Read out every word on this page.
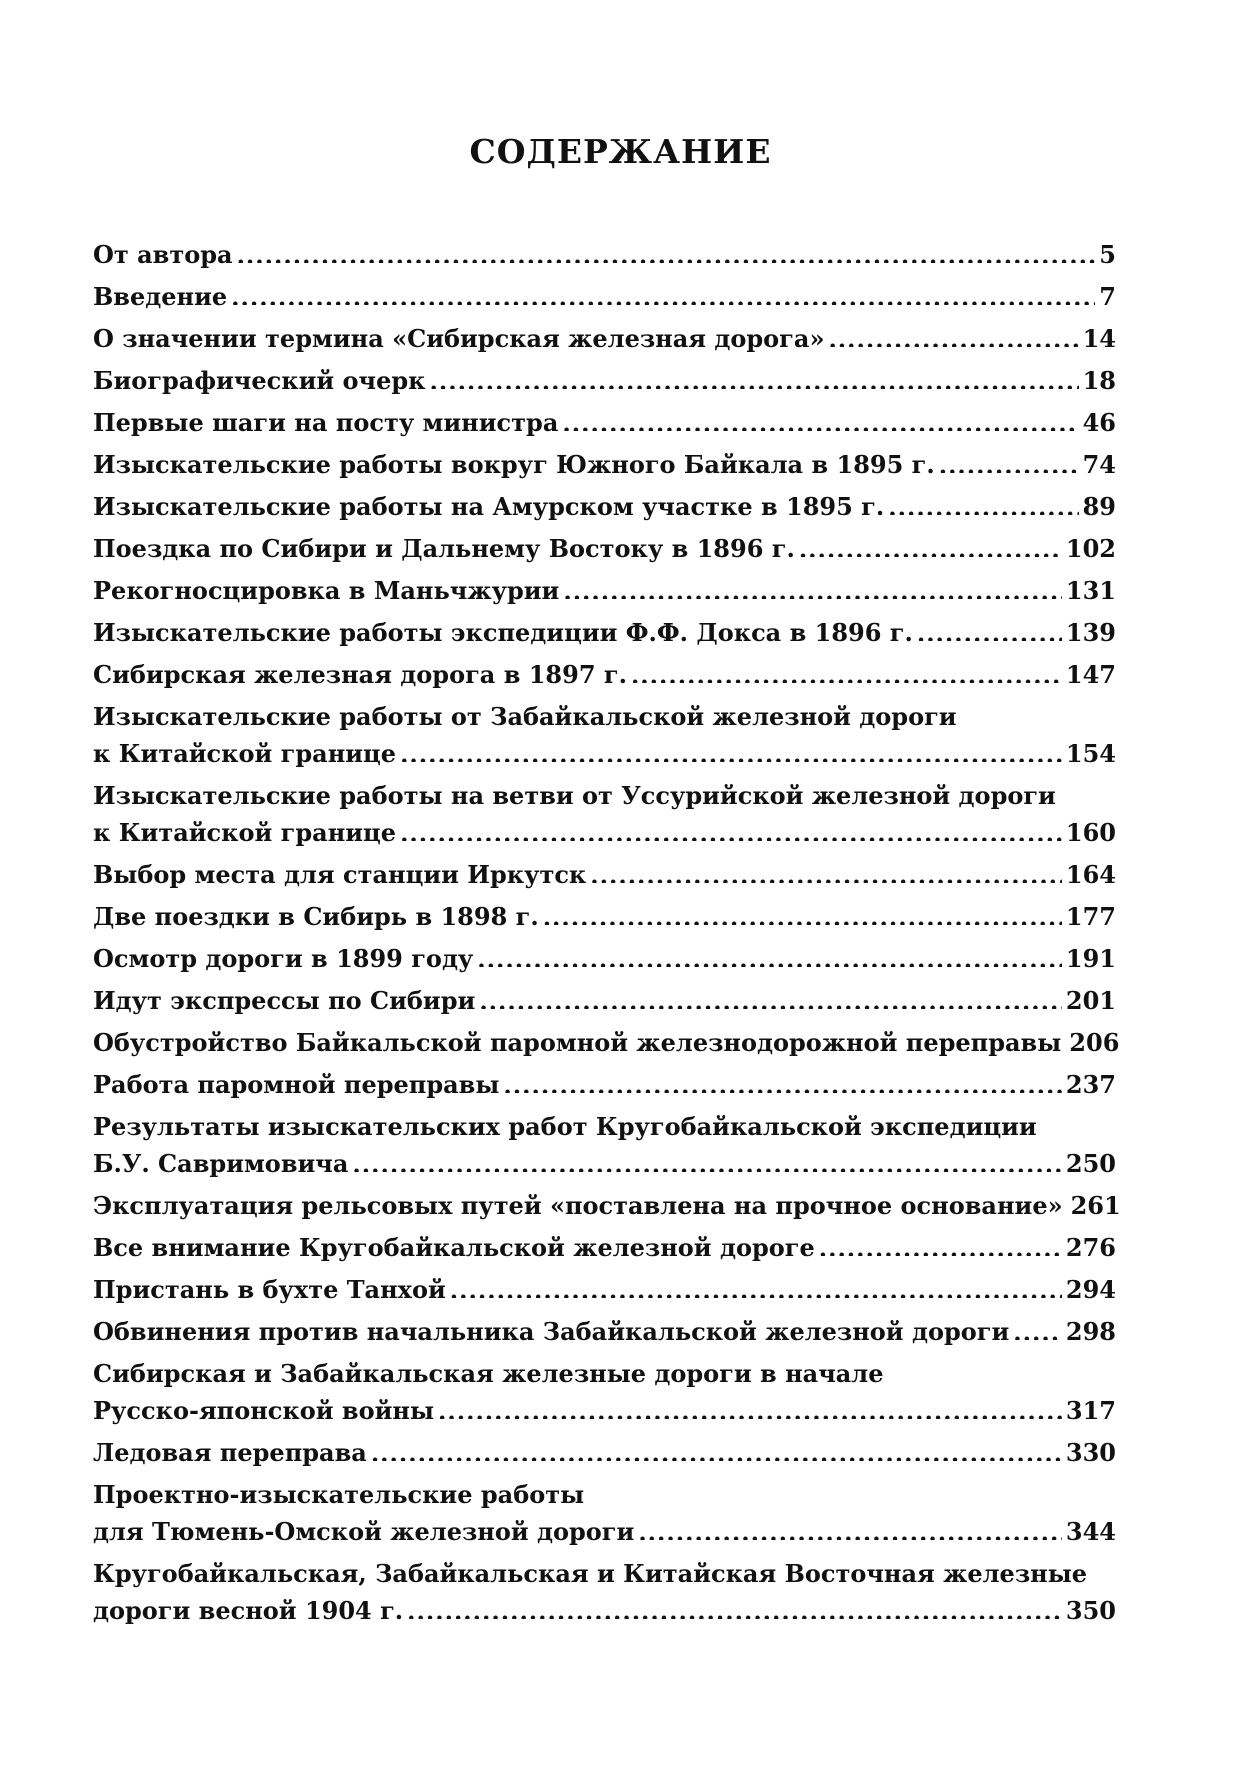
СОДЕРЖАНИЕ
От автора ·····	5
Введение ·····	7
О значении термина «Сибирская железная дорога» ·····	14
Биографический очерк ·····	18
Первые шаги на посту министра ·····	46
Изыскательские работы вокруг Южного Байкала в 1895 г. ·····	74
Изыскательские работы на Амурском участке в 1895 г. ·····	89
Поездка по Сибири и Дальнему Востоку в 1896 г. ·····	102
Рекогносцировка в Маньчжурии ·····	131
Изыскательские работы экспедиции Ф.Ф. Докса в 1896 г. ·····	139
Сибирская железная дорога в 1897 г. ·····	147
Изыскательские работы от Забайкальской железной дороги
к Китайской границе ·····	154
Изыскательские работы на ветви от Уссурийской железной дороги
к Китайской границе ·····	160
Выбор места для станции Иркутск ·····	164
Две поездки в Сибирь в 1898 г. ·····	177
Осмотр дороги в 1899 году ·····	191
Идут экспрессы по Сибири ·····	201
Обустройство Байкальской паромной железнодорожной переправы 206
Работа паромной переправы ·····	237
Результаты изыскательских работ Кругобайкальской экспедиции
Б.У. Савримовича ·····	250
Эксплуатация рельсовых путей «поставлена на прочное основание» 261
Все внимание Кругобайкальской железной дороге ·····	276
Пристань в бухте Танхой ·····	294
Обвинения против начальника Забайкальской железной дороги ····· 298
Сибирская и Забайкальская железные дороги в начале
Русско-японской войны ·····	317
Ледовая переправа ·····	330
Проектно-изыскательские работы
для Тюмень-Омской железной дороги ·····	344
Кругобайкальская, Забайкальская и Китайская Восточная железные
дороги весной 1904 г. ·····	350
